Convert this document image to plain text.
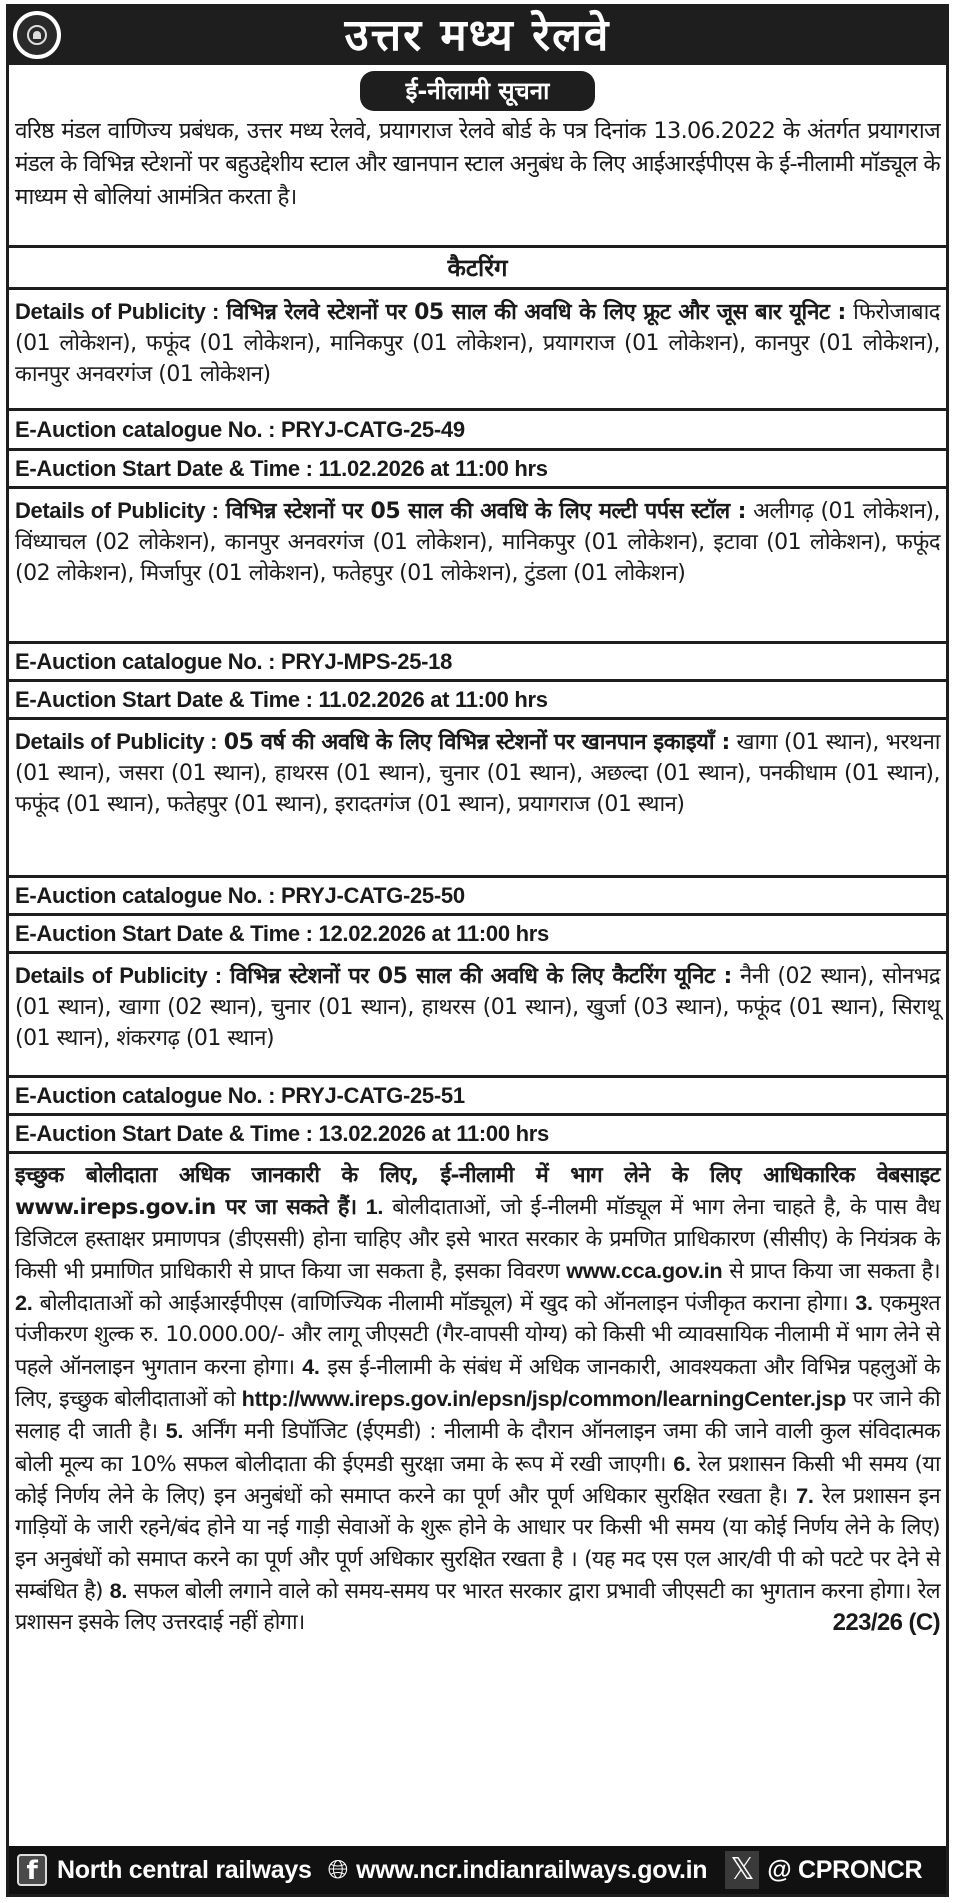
उत्तर मध्य रेलवे
ई-नीलामी सूचना
वरिष्ठ मंडल वाणिज्य प्रबंधक, उत्तर मध्य रेलवे, प्रयागराज रेलवे बोर्ड के पत्र दिनांक 13.06.2022 के अंतर्गत प्रयागराज मंडल के विभिन्न स्टेशनों पर बहुउद्देशीय स्टाल और खानपान स्टाल अनुबंध के लिए आईआरईपीएस के ई-नीलामी मॉड्यूल के माध्यम से बोलियां आमंत्रित करता है।
कैटरिंग
Details of Publicity : विभिन्न रेलवे स्टेशनों पर 05 साल की अवधि के लिए फ्रूट और जूस बार यूनिट : फिरोजाबाद (01 लोकेशन), फफूंद (01 लोकेशन), मानिकपुर (01 लोकेशन), प्रयागराज (01 लोकेशन), कानपुर (01 लोकेशन), कानपुर अनवरगंज (01 लोकेशन)
E-Auction catalogue No. : PRYJ-CATG-25-49
E-Auction Start Date & Time : 11.02.2026 at 11:00 hrs
Details of Publicity : विभिन्न स्टेशनों पर 05 साल की अवधि के लिए मल्टी पर्पस स्टॉल : अलीगढ़ (01 लोकेशन), विंध्याचल (02 लोकेशन), कानपुर अनवरगंज (01 लोकेशन), मानिकपुर (01 लोकेशन), इटावा (01 लोकेशन), फफूंद (02 लोकेशन), मिर्जापुर (01 लोकेशन), फतेहपुर (01 लोकेशन), टुंडला (01 लोकेशन)
E-Auction catalogue No. : PRYJ-MPS-25-18
E-Auction Start Date & Time : 11.02.2026 at 11:00 hrs
Details of Publicity : 05 वर्ष की अवधि के लिए विभिन्न स्टेशनों पर खानपान इकाइयाँ : खागा (01 स्थान), भरथना (01 स्थान), जसरा (01 स्थान), हाथरस (01 स्थान), चुनार (01 स्थान), अछल्दा (01 स्थान), पनकीधाम (01 स्थान), फफूंद (01 स्थान), फतेहपुर (01 स्थान), इरादतगंज (01 स्थान), प्रयागराज (01 स्थान)
E-Auction catalogue No. : PRYJ-CATG-25-50
E-Auction Start Date & Time : 12.02.2026 at 11:00 hrs
Details of Publicity : विभिन्न स्टेशनों पर 05 साल की अवधि के लिए कैटरिंग यूनिट : नैनी (02 स्थान), सोनभद्र (01 स्थान), खागा (02 स्थान), चुनार (01 स्थान), हाथरस (01 स्थान), खुर्जा (03 स्थान), फफूंद (01 स्थान), सिराथू (01 स्थान), शंकरगढ़ (01 स्थान)
E-Auction catalogue No. : PRYJ-CATG-25-51
E-Auction Start Date & Time : 13.02.2026 at 11:00 hrs
इच्छुक बोलीदाता अधिक जानकारी के लिए, ई-नीलामी में भाग लेने के लिए आधिकारिक वेबसाइट www.ireps.gov.in पर जा सकते हैं। 1. बोलीदाताओं, जो ई-नीलमी मॉड्यूल में भाग लेना चाहते है, के पास वैध डिजिटल हस्ताक्षर प्रमाणपत्र (डीएससी) होना चाहिए और इसे भारत सरकार के प्रमणित प्राधिकारण (सीसीए) के नियंत्रक के किसी भी प्रमाणित प्राधिकारी से प्राप्त किया जा सकता है, इसका विवरण www.cca.gov.in से प्राप्त किया जा सकता है। 2. बोलीदाताओं को आईआरईपीएस (वाणिज्यिक नीलामी मॉड्यूल) में खुद को ऑनलाइन पंजीकृत कराना होगा। 3. एकमुश्त पंजीकरण शुल्क रु. 10.000.00/- और लागू जीएसटी (गैर-वापसी योग्य) को किसी भी व्यावसायिक नीलामी में भाग लेने से पहले ऑनलाइन भुगतान करना होगा। 4. इस ई-नीलामी के संबंध में अधिक जानकारी, आवश्यकता और विभिन्न पहलुओं के लिए, इच्छुक बोलीदाताओं को http://www.ireps.gov.in/epsn/jsp/common/learningCenter.jsp पर जाने की सलाह दी जाती है। 5. अर्निंग मनी डिपॉजिट (ईएमडी) : नीलामी के दौरान ऑनलाइन जमा की जाने वाली कुल संविदात्मक बोली मूल्य का 10% सफल बोलीदाता की ईएमडी सुरक्षा जमा के रूप में रखी जाएगी। 6. रेल प्रशासन किसी भी समय (या कोई निर्णय लेने के लिए) इन अनुबंधों को समाप्त करने का पूर्ण और पूर्ण अधिकार सुरक्षित रखता है। 7. रेल प्रशासन इन गाड़ियों के जारी रहने/बंद होने या नई गाड़ी सेवाओं के शुरू होने के आधार पर किसी भी समय (या कोई निर्णय लेने के लिए) इन अनुबंधों को समाप्त करने का पूर्ण और पूर्ण अधिकार सुरक्षित रखता है । (यह मद एस एल आर/वी पी को पटटे पर देने से सम्बंधित है) 8. सफल बोली लगाने वाले को समय-समय पर भारत सरकार द्वारा प्रभावी जीएसटी का भुगतान करना होगा। रेल प्रशासन इसके लिए उत्तरदाई नहीं होगा।	223/26 (C)
f North central railways 🌐︎ www.ncr.indianrailways.gov.in 𝕏 @ CPRONCR
